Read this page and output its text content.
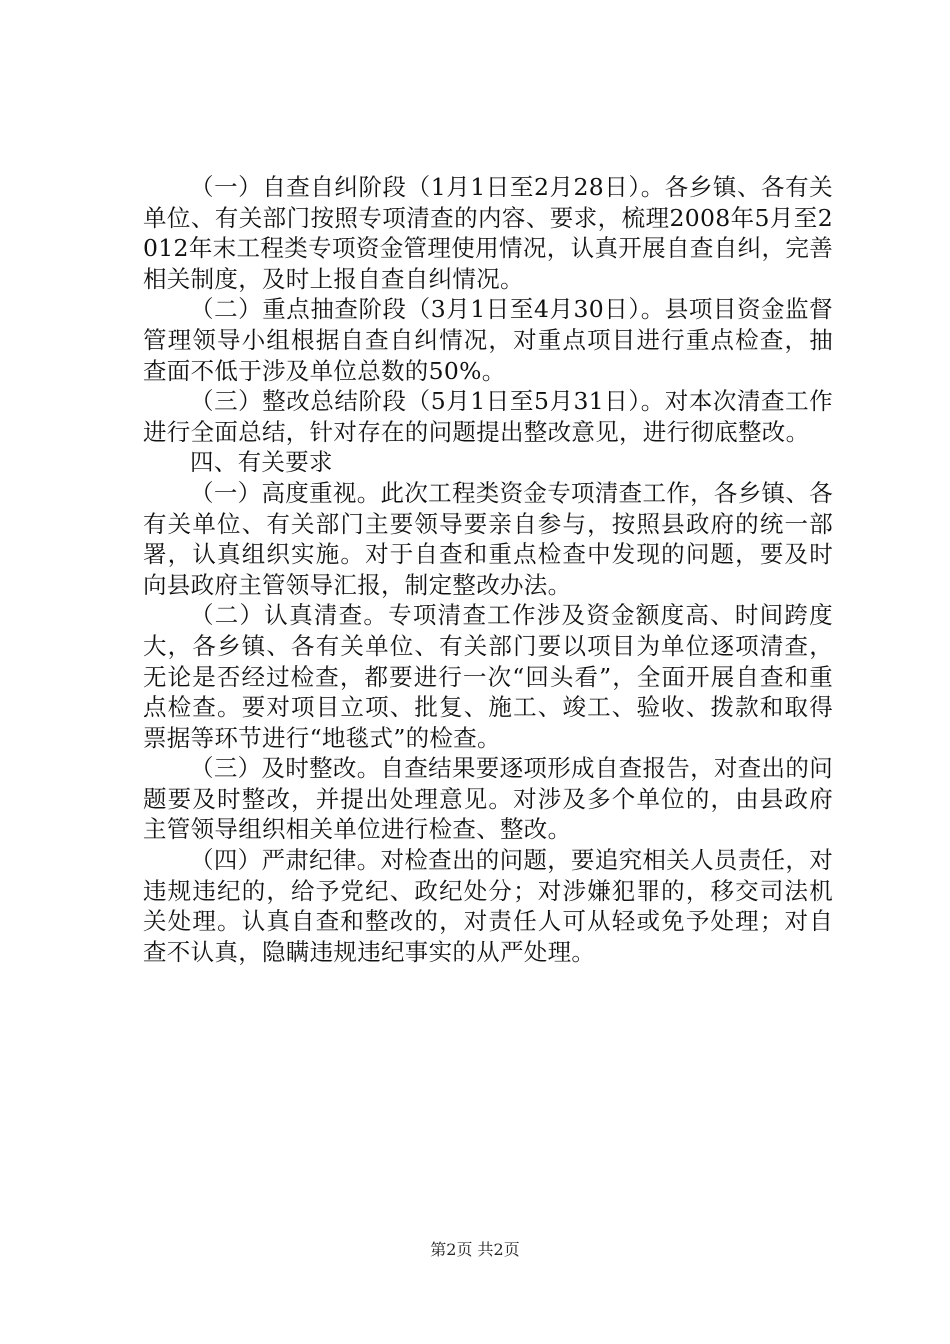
（一）自查自纠阶段（1月1日至2月28日）。各乡镇、各有关单位、有关部门按照专项清查的内容、要求，梳理2008年5月至2012年末工程类专项资金管理使用情况，认真开展自查自纠，完善相关制度，及时上报自查自纠情况。

（二）重点抽查阶段（3月1日至4月30日）。县项目资金监督管理领导小组根据自查自纠情况，对重点项目进行重点检查，抽查面不低于涉及单位总数的50%。

（三）整改总结阶段（5月1日至5月31日）。对本次清查工作进行全面总结，针对存在的问题提出整改意见，进行彻底整改。

四、有关要求

（一）高度重视。此次工程类资金专项清查工作，各乡镇、各有关单位、有关部门主要领导要亲自参与，按照县政府的统一部署，认真组织实施。对于自查和重点检查中发现的问题，要及时向县政府主管领导汇报，制定整改办法。

（二）认真清查。专项清查工作涉及资金额度高、时间跨度大，各乡镇、各有关单位、有关部门要以项目为单位逐项清查，无论是否经过检查，都要进行一次“回头看”，全面开展自查和重点检查。要对项目立项、批复、施工、竣工、验收、拨款和取得票据等环节进行“地毯式”的检查。

（三）及时整改。自查结果要逐项形成自查报告，对查出的问题要及时整改，并提出处理意见。对涉及多个单位的，由县政府主管领导组织相关单位进行检查、整改。

（四）严肃纪律。对检查出的问题，要追究相关人员责任，对违规违纪的，给予党纪、政纪处分；对涉嫌犯罪的，移交司法机关处理。认真自查和整改的，对责任人可从轻或免予处理；对自查不认真，隐瞒违规违纪事实的从严处理。

第2页 共2页
